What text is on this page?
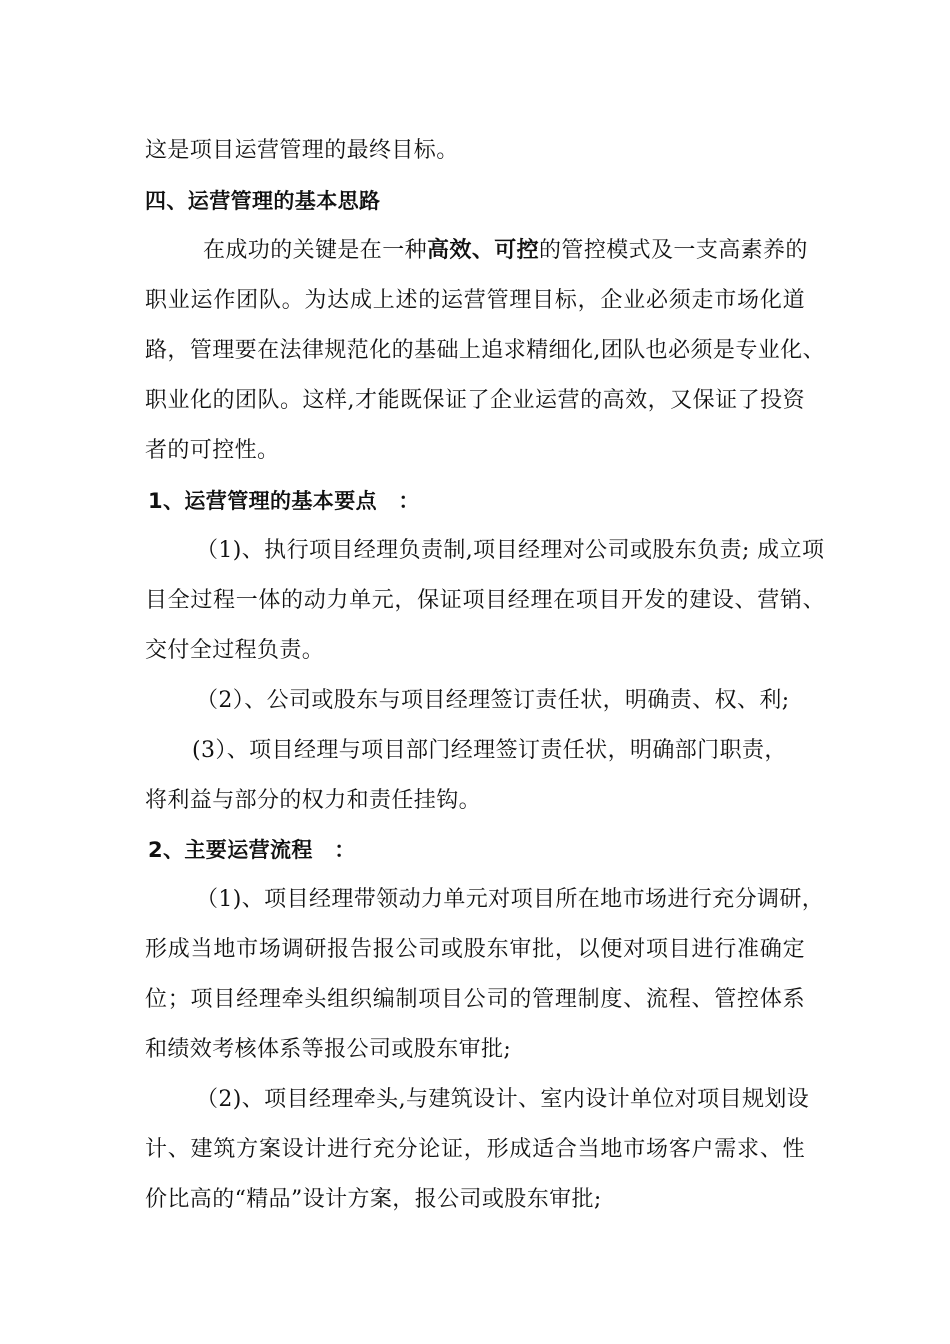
这是项目运营管理的最终目标。
四、运营管理的基本思路
在成功的关键是在一种高效、可控的管控模式及一支高素养的
职业运作团队。为达成上述的运营管理目标，企业必须走市场化道
路，管理要在法律规范化的基础上追求精细化,团队也必须是专业化、
职业化的团队。这样,才能既保证了企业运营的高效，又保证了投资
者的可控性。
1、运营管理的基本要点　：
（1)、执行项目经理负责制,项目经理对公司或股东负责; 成立项
目全过程一体的动力单元，保证项目经理在项目开发的建设、营销、
交付全过程负责。
（2）、公司或股东与项目经理签订责任状，明确责、权、利;
(3）、项目经理与项目部门经理签订责任状，明确部门职责，
将利益与部分的权力和责任挂钩。
2、主要运营流程　：
（1)、项目经理带领动力单元对项目所在地市场进行充分调研，
形成当地市场调研报告报公司或股东审批，以便对项目进行准确定
位；项目经理牵头组织编制项目公司的管理制度、流程、管控体系
和绩效考核体系等报公司或股东审批;
（2)、项目经理牵头,与建筑设计、室内设计单位对项目规划设
计、建筑方案设计进行充分论证，形成适合当地市场客户需求、性
价比高的“精品”设计方案，报公司或股东审批;
